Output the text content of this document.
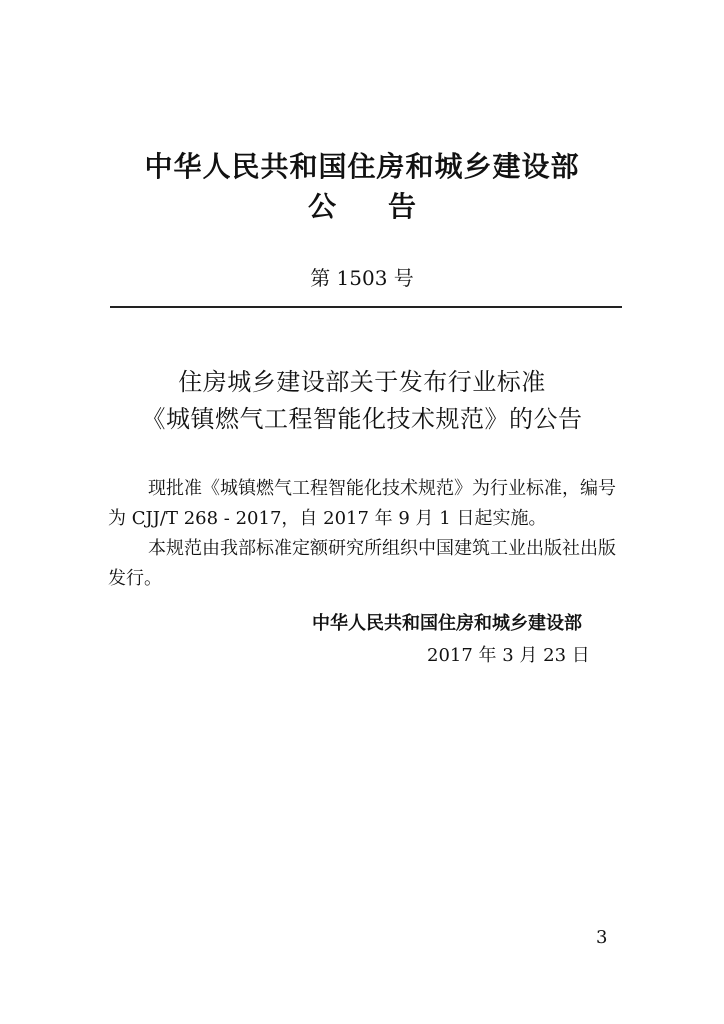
中华人民共和国住房和城乡建设部
公 告
第 1503 号
住房城乡建设部关于发布行业标准
《城镇燃气工程智能化技术规范》的公告
现批准《城镇燃气工程智能化技术规范》为行业标准，编号
为 CJJ/T 268 - 2017，自 2017 年 9 月 1 日起实施。
本规范由我部标准定额研究所组织中国建筑工业出版社出版
发行。
中华人民共和国住房和城乡建设部
2017 年 3 月 23 日
3
